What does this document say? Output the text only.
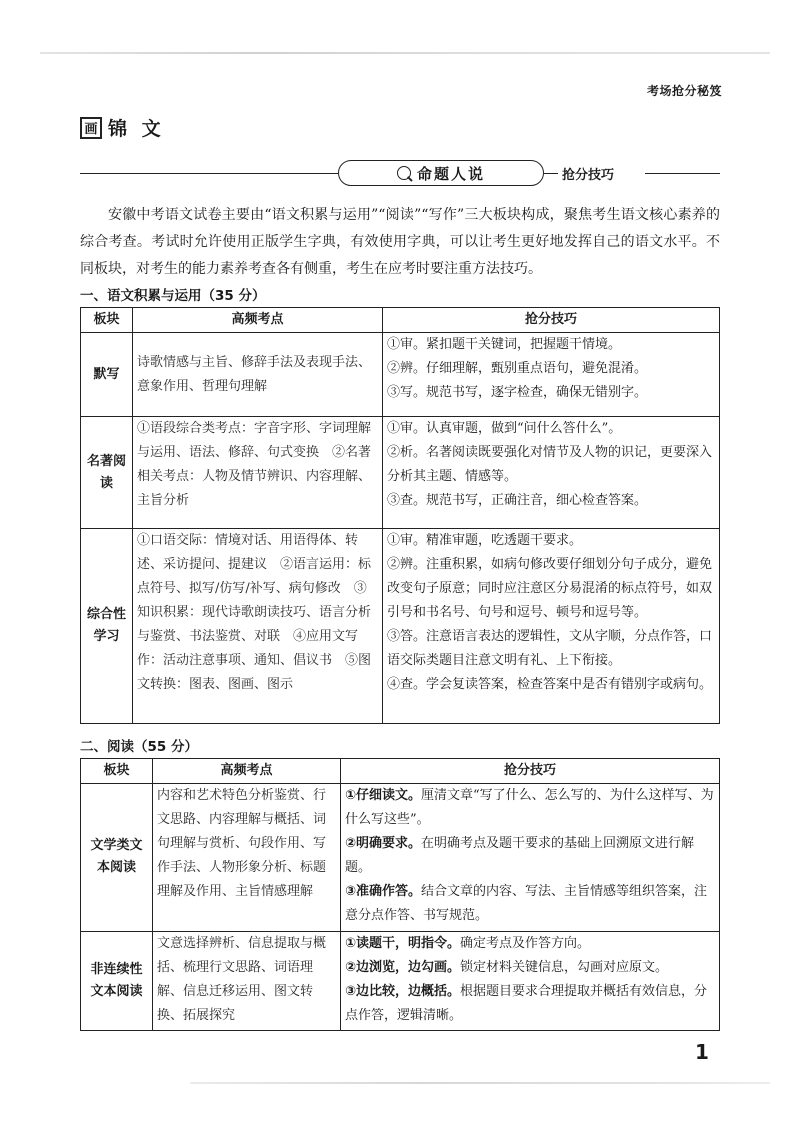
考场抢分秘笈
画 锦 文
命题人说	抢分技巧
安徽中考语文试卷主要由“语文积累与运用”“阅读”“写作”三大板块构成，聚焦考生语文核心素养的综合考查。考试时允许使用正版学生字典，有效使用字典，可以让考生更好地发挥自己的语文水平。不同板块，对考生的能力素养考查各有侧重，考生在应考时要注重方法技巧。
一、语文积累与运用（35 分）
板块	高频考点	抢分技巧
默写	诗歌情感与主旨、修辞手法及表现手法、意象作用、哲理句理解	①审。紧扣题干关键词，把握题干情境。
②辨。仔细理解，甄别重点语句，避免混淆。
③写。规范书写，逐字检查，确保无错别字。

名著阅读	①语段综合类考点：字音字形、字词理解与运用、语法、修辞、句式变换　②名著相关考点：人物及情节辨识、内容理解、主旨分析	①审。认真审题，做到“问什么答什么”。
②析。名著阅读既要强化对情节及人物的识记，更要深入分析其主题、情感等。
③查。规范书写，正确注音，细心检查答案。

综合性学习	①口语交际：情境对话、用语得体、转述、采访提问、提建议　②语言运用：标点符号、拟写/仿写/补写、病句修改　③知识积累：现代诗歌朗读技巧、语言分析与鉴赏、书法鉴赏、对联　④应用文写作：活动注意事项、通知、倡议书　⑤图文转换：图表、图画、图示	①审。精准审题，吃透题干要求。
②辨。注重积累，如病句修改要仔细划分句子成分，避免改变句子原意；同时应注意区分易混淆的标点符号，如双引号和书名号、句号和逗号、顿号和逗号等。
③答。注意语言表达的逻辑性，文从字顺，分点作答，口语交际类题目注意文明有礼、上下衔接。
④查。学会复读答案，检查答案中是否有错别字或病句。
二、阅读（55 分）
板块	高频考点	抢分技巧
文学类文本阅读	内容和艺术特色分析鉴赏、行文思路、内容理解与概括、词句理解与赏析、句段作用、写作手法、人物形象分析、标题理解及作用、主旨情感理解	①仔细读文。厘清文章“写了什么、怎么写的、为什么这样写、为什么写这些”。
②明确要求。在明确考点及题干要求的基础上回溯原文进行解题。
③准确作答。结合文章的内容、写法、主旨情感等组织答案，注意分点作答、书写规范。

非连续性文本阅读	文意选择辨析、信息提取与概括、梳理行文思路、词语理解、信息迁移运用、图文转换、拓展探究	①读题干，明指令。确定考点及作答方向。
②边浏览，边勾画。锁定材料关键信息，勾画对应原文。
③边比较，边概括。根据题目要求合理提取并概括有效信息，分点作答，逻辑清晰。
1
